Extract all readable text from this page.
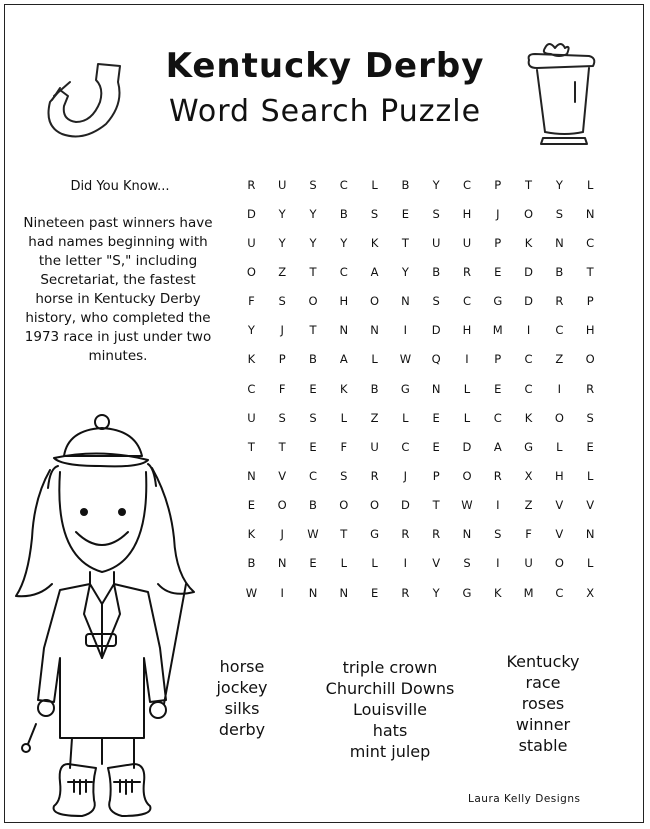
Kentucky Derby
Word Search Puzzle
Did You Know...
Nineteen past winners have had names beginning with the letter "S," including Secretariat, the fastest horse in Kentucky Derby history, who completed the 1973 race in just under two minutes.
R	U	S	C	L	B	Y	C	P	T	Y	L
D	Y	Y	B	S	E	S	H	J	O	S	N
U	Y	Y	Y	K	T	U	U	P	K	N	C
O	Z	T	C	A	Y	B	R	E	D	B	T
F	S	O	H	O	N	S	C	G	D	R	P
Y	J	T	N	N	I	D	H	M	I	C	H
K	P	B	A	L	W	Q	I	P	C	Z	O
C	F	E	K	B	G	N	L	E	C	I	R
U	S	S	L	Z	L	E	L	C	K	O	S
T	T	E	F	U	C	E	D	A	G	L	E
N	V	C	S	R	J	P	O	R	X	H	L
E	O	B	O	O	D	T	W	I	Z	V	V
K	J	W	T	G	R	R	N	S	F	V	N
B	N	E	L	L	I	V	S	I	U	O	L
W	I	N	N	E	R	Y	G	K	M	C	X
horse
jockey
silks
derby
triple crown
Churchill Downs
Louisville
hats
mint julep
Kentucky
race
roses
winner
stable
Laura Kelly Designs
